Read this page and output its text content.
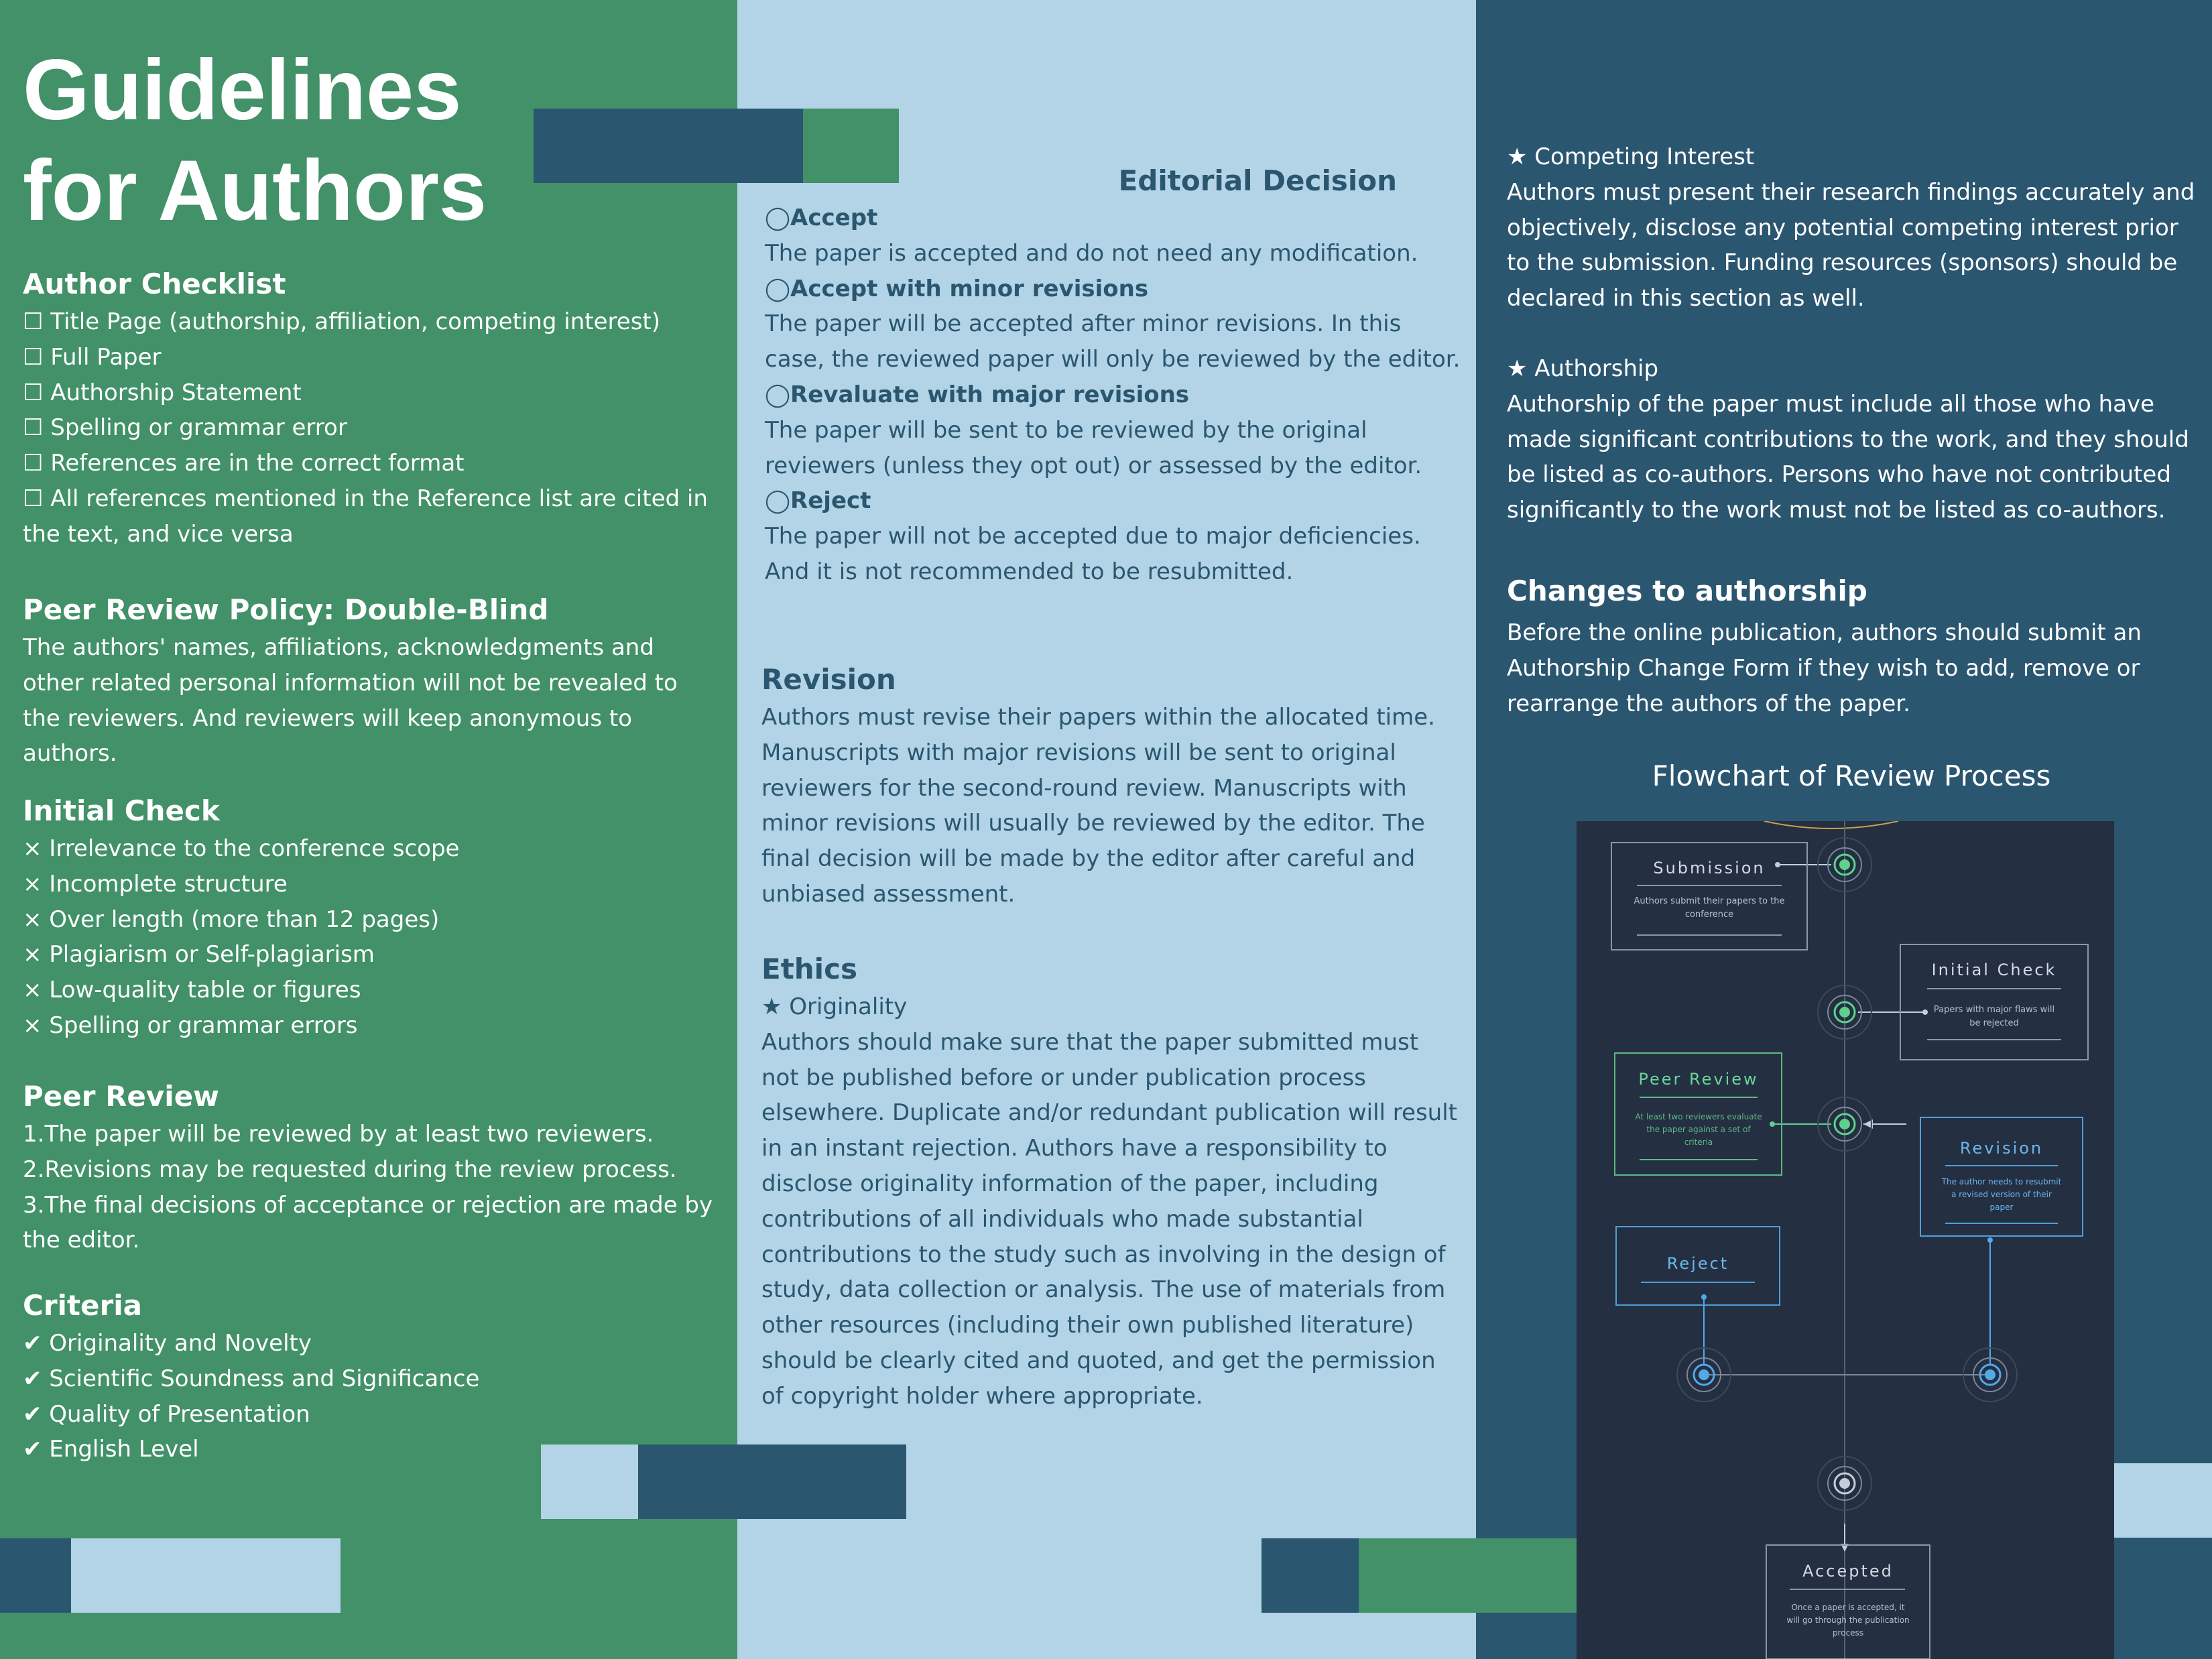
Guidelines
for Authors
Author Checklist
☐ Title Page (authorship, affiliation, competing interest)
☐ Full Paper
☐ Authorship Statement
☐ Spelling or grammar error
☐ References are in the correct format
☐ All references mentioned in the Reference list are cited in the text, and vice versa
Peer Review Policy: Double-Blind

The authors' names, affiliations, acknowledgments and other related personal information will not be revealed to the reviewers. And reviewers will keep anonymous to authors.

Initial Check
× Irrelevance to the conference scope
× Incomplete structure
× Over length (more than 12 pages)
× Plagiarism or Self-plagiarism
× Low-quality table or figures
× Spelling or grammar errors
Peer Review
1.The paper will be reviewed by at least two reviewers.
2.Revisions may be requested during the review process.
3.The final decisions of acceptance or rejection are made by the editor.
Criteria
✔ Originality and Novelty
✔ Scientific Soundness and Significance
✔ Quality of Presentation
✔ English Level
Editorial Decision

◯Accept

The paper is accepted and do not need any modification.

◯Accept with minor revisions

The paper will be accepted after minor revisions. In this case, the reviewed paper will only be reviewed by the editor.

◯Revaluate with major revisions

The paper will be sent to be reviewed by the original reviewers (unless they opt out) or assessed by the editor.

◯Reject

The paper will not be accepted due to major deficiencies. And it is not recommended to be resubmitted.

Revision

Authors must revise their papers within the allocated time. Manuscripts with major revisions will be sent to original reviewers for the second-round review. Manuscripts with minor revisions will usually be reviewed by the editor. The final decision will be made by the editor after careful and unbiased assessment.

Ethics

★ Originality

Authors should make sure that the paper submitted must not be published before or under publication process elsewhere. Duplicate and/or redundant publication will result in an instant rejection. Authors have a responsibility to disclose originality information of the paper, including contributions of all individuals who made substantial contributions to the study such as involving in the design of study, data collection or analysis. The use of materials from other resources (including their own published literature) should be clearly cited and quoted, and get the permission of copyright holder where appropriate.

★ Competing Interest

Authors must present their research findings accurately and objectively, disclose any potential competing interest prior to the submission. Funding resources (sponsors) should be declared in this section as well.

★ Authorship

Authorship of the paper must include all those who have made significant contributions to the work, and they should be listed as co-authors. Persons who have not contributed significantly to the work must not be listed as co-authors.

Changes to authorship

Before the online publication, authors should submit an Authorship Change Form if they wish to add, remove or rearrange the authors of the paper.

Flowchart of Review Process
Submission
Authors submit their papers to the
conference
Initial Check
Papers with major flaws will
be rejected
Peer Review
At least two reviewers evaluate
the paper against a set of
criteria	Revision
The author needs to resubmit
a revised version of their
paper
Reject
Accepted
Once a paper is accepted, it
will go through the publication
process
